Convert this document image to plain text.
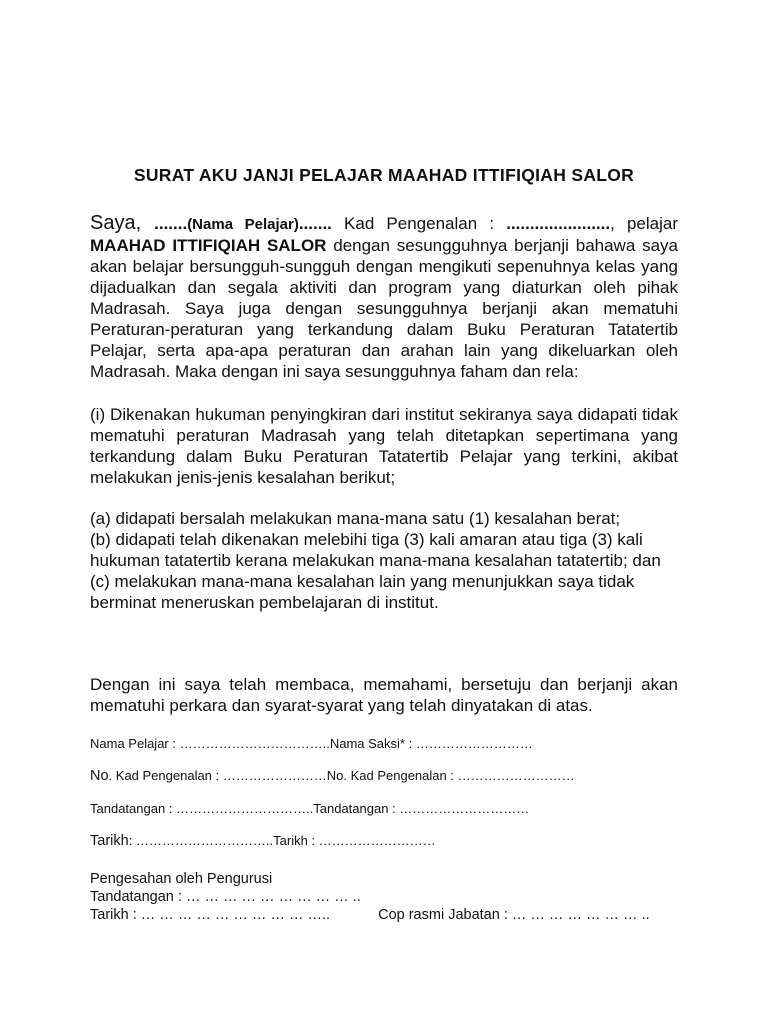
SURAT AKU JANJI PELAJAR MAAHAD ITTIFIQIAH SALOR

Saya, .......(Nama Pelajar)....... Kad Pengenalan : ......................, pelajar MAAHAD ITTIFIQIAH SALOR dengan sesungguhnya berjanji bahawa saya akan belajar bersungguh-sungguh dengan mengikuti sepenuhnya kelas yang dijadualkan dan segala aktiviti dan program yang diaturkan oleh pihak Madrasah. Saya juga dengan sesungguhnya berjanji akan mematuhi Peraturan-peraturan yang terkandung dalam Buku Peraturan Tatatertib Pelajar, serta apa-apa peraturan dan arahan lain yang dikeluarkan oleh Madrasah. Maka dengan ini saya sesungguhnya faham dan rela:

(i) Dikenakan hukuman penyingkiran dari institut sekiranya saya didapati tidak mematuhi peraturan Madrasah yang telah ditetapkan sepertimana yang terkandung dalam Buku Peraturan Tatatertib Pelajar yang terkini, akibat melakukan jenis-jenis kesalahan berikut;

(a) didapati bersalah melakukan mana-mana satu (1) kesalahan berat;

(b) didapati telah dikenakan melebihi tiga (3) kali amaran atau tiga (3) kali hukuman tatatertib kerana melakukan mana-mana kesalahan tatatertib; dan

(c) melakukan mana-mana kesalahan lain yang menunjukkan saya tidak berminat meneruskan pembelajaran di institut.

Dengan ini saya telah membaca, memahami, bersetuju dan berjanji akan mematuhi perkara dan syarat-syarat yang telah dinyatakan di atas.

Nama Pelajar : ……………………………..Nama Saksi* : ………………………
No. Kad Pengenalan : ……………………No. Kad Pengenalan : ………………………
Tandatangan : …………………………..Tandatangan : …………………………
Tarikh: …………………………..Tarikh : ………………………
Pengesahan oleh Pengurusi
Tandatangan : … … … … … … … … … ..
Tarikh : … … … … … … … … … …..	Cop rasmi Jabatan : … … … … … … … ..
